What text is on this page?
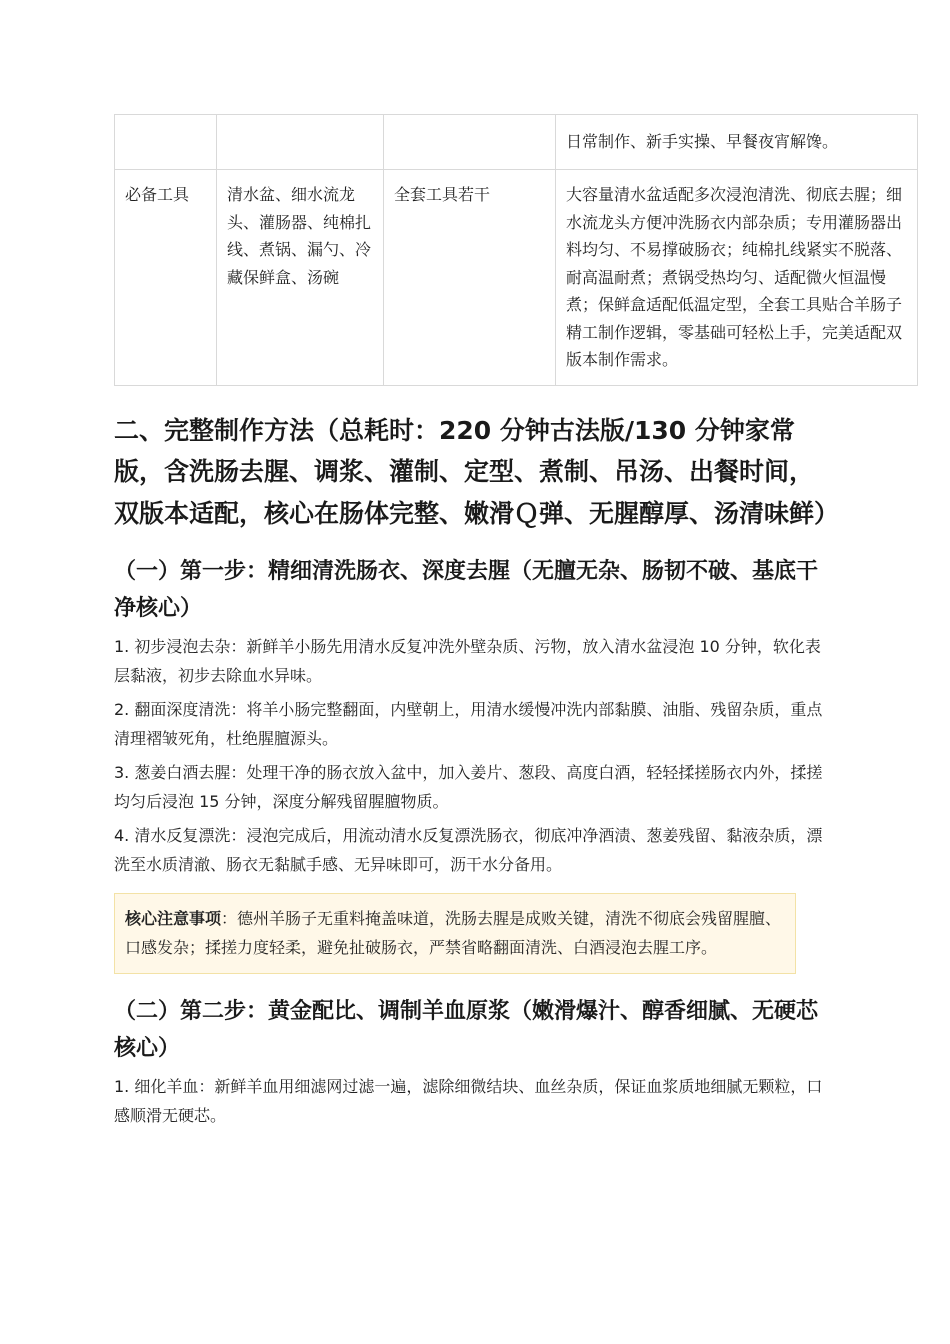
			日常制作、新手实操、早餐夜宵解馋。
必备工具	清水盆、细水流龙头、灌肠器、纯棉扎线、煮锅、漏勺、冷藏保鲜盒、汤碗	全套工具若干	大容量清水盆适配多次浸泡清洗、彻底去腥；细水流龙头方便冲洗肠衣内部杂质；专用灌肠器出料均匀、不易撑破肠衣；纯棉扎线紧实不脱落、耐高温耐煮；煮锅受热均匀、适配微火恒温慢煮；保鲜盒适配低温定型，全套工具贴合羊肠子精工制作逻辑，零基础可轻松上手，完美适配双版本制作需求。
二、完整制作方法（总耗时：220 分钟古法版/130 分钟家常版，含洗肠去腥、调浆、灌制、定型、煮制、吊汤、出餐时间，双版本适配，核心在肠体完整、嫩滑Ｑ弹、无腥醇厚、汤清味鲜）
（一）第一步：精细清洗肠衣、深度去腥（无膻无杂、肠韧不破、基底干净核心）

1. 初步浸泡去杂：新鲜羊小肠先用清水反复冲洗外壁杂质、污物，放入清水盆浸泡 10 分钟，软化表层黏液，初步去除血水异味。

2. 翻面深度清洗：将羊小肠完整翻面，内壁朝上，用清水缓慢冲洗内部黏膜、油脂、残留杂质，重点清理褶皱死角，杜绝腥膻源头。

3. 葱姜白酒去腥：处理干净的肠衣放入盆中，加入姜片、葱段、高度白酒，轻轻揉搓肠衣内外，揉搓均匀后浸泡 15 分钟，深度分解残留腥膻物质。

4. 清水反复漂洗：浸泡完成后，用流动清水反复漂洗肠衣，彻底冲净酒渍、葱姜残留、黏液杂质，漂洗至水质清澈、肠衣无黏腻手感、无异味即可，沥干水分备用。

核心注意事项：德州羊肠子无重料掩盖味道，洗肠去腥是成败关键，清洗不彻底会残留腥膻、口感发杂；揉搓力度轻柔，避免扯破肠衣，严禁省略翻面清洗、白酒浸泡去腥工序。
（二）第二步：黄金配比、调制羊血原浆（嫩滑爆汁、醇香细腻、无硬芯核心）

1. 细化羊血：新鲜羊血用细滤网过滤一遍，滤除细微结块、血丝杂质，保证血浆质地细腻无颗粒，口感顺滑无硬芯。
